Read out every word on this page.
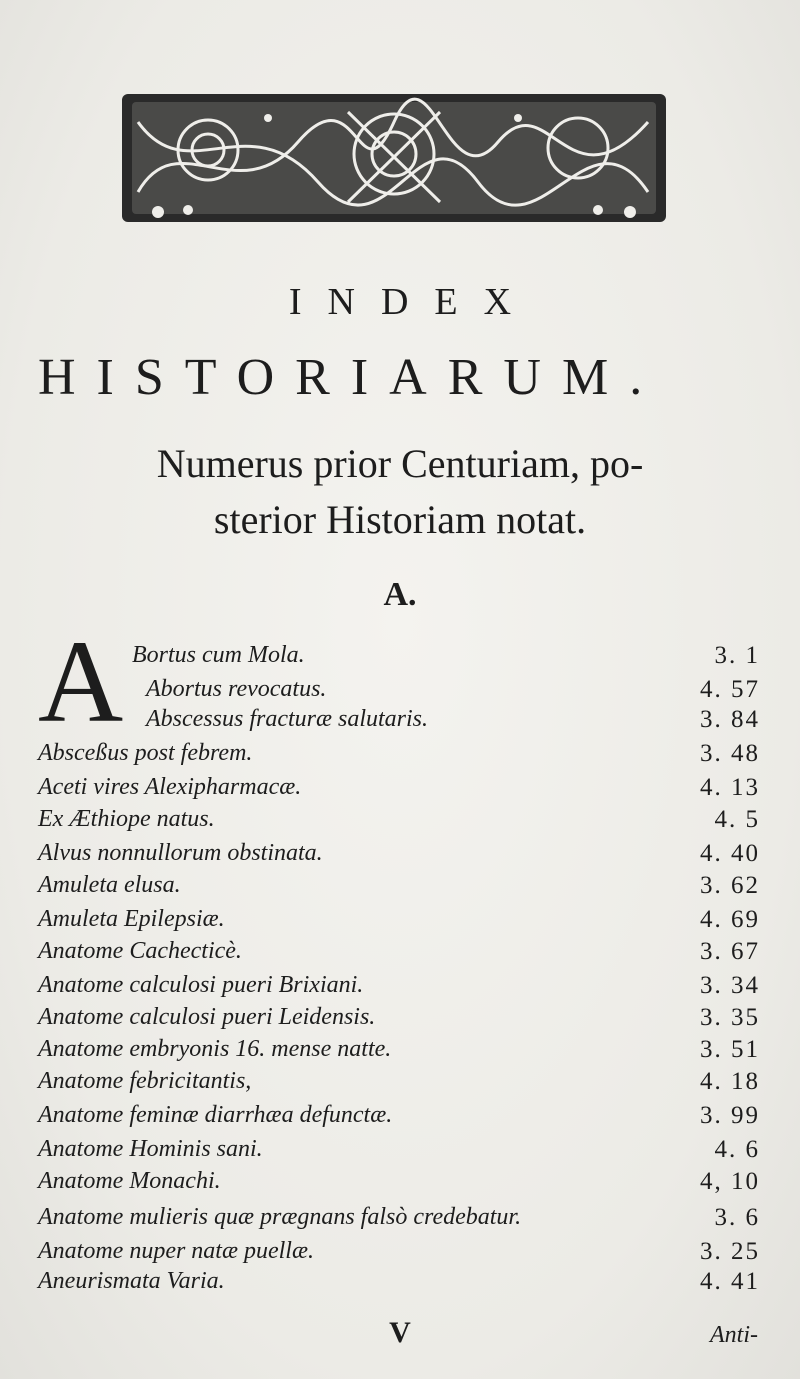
INDEX
HISTORIARUM.
Numerus prior Centuriam, po-
sterior Historiam notat.
A.
A Bortus cum Mola.	3. 1
Abortus revocatus.	4. 57
Abscessus fracturæ salutaris.	3. 84
Absceßus post febrem.	3. 48
Aceti vires Alexipharmacæ.	4. 13
Ex Æthiope natus.	4. 5
Alvus nonnullorum obstinata.	4. 40
Amuleta elusa.	3. 62
Amuleta Epilepsiæ.	4. 69
Anatome Cachecticè.	3. 67
Anatome calculosi pueri Brixiani.	3. 34
Anatome calculosi pueri Leidensis.	3. 35
Anatome embryonis 16. mense natte.	3. 51
Anatome febricitantis,	4. 18
Anatome feminæ diarrhæa defunctæ.	3. 99
Anatome Hominis sani.	4. 6
Anatome Monachi.	4, 10
Anatome mulieris quæ prægnans falsò credebatur.	3. 6
Anatome nuper natæ puellæ.	3. 25
Aneurismata Varia.	4. 41
V	Anti-
